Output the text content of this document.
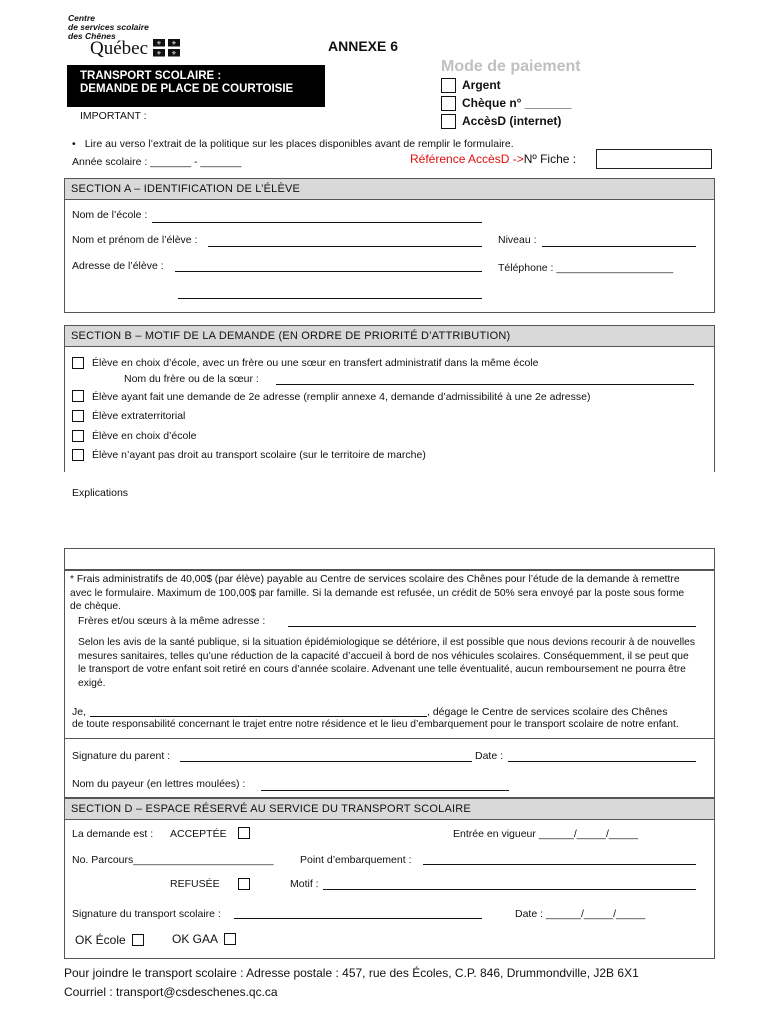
Centre
de services scolaire
des Chênes
Québec ⚜ ⚜
⚜ ⚜	ANNEXE 6
TRANSPORT SCOLAIRE :
DEMANDE DE PLACE DE COURTOISIE
IMPORTANT :
Mode de paiement
Argent
Chèque n° _______
AccèsD (internet)
• Lire au verso l’extrait de la politique sur les places disponibles avant de remplir le formulaire.
Année scolaire : _______ - _______	Référence AccèsD ->Nº Fiche :
SECTION A – IDENTIFICATION DE L’ÉLÈVE
Nom de l’école :
Nom et prénom de l’élève :	Niveau :
Adresse de l’élève :	Téléphone : ____________________
SECTION B – MOTIF DE LA DEMANDE (EN ORDRE DE PRIORITÉ D’ATTRIBUTION)
Élève en choix d’école, avec un frère ou une sœur en transfert administratif dans la même école
Nom du frère ou de la sœur :
Élève ayant fait une demande de 2e adresse (remplir annexe 4, demande d’admissibilité à une 2e adresse)
Élève extraterritorial
Élève en choix d’école
Élève n’ayant pas droit au transport scolaire (sur le territoire de marche)
Explications
* Frais administratifs de 40,00$ (par élève) payable au Centre de services scolaire des Chênes pour l’étude de la demande à remettre avec le formulaire. Maximum de 100,00$ par famille. Si la demande est refusée, un crédit de 50% sera envoyé par la poste sous forme de chèque.
Frères et/ou sœurs à la même adresse :
Selon les avis de la santé publique, si la situation épidémiologique se détériore, il est possible que nous devions recourir à de nouvelles mesures sanitaires, telles qu’une réduction de la capacité d’accueil à bord de nos véhicules scolaires. Conséquemment, il se peut que le transport de votre enfant soit retiré en cours d’année scolaire. Advenant une telle éventualité, aucun remboursement ne pourra être exigé.
Je,	, dégage le Centre de services scolaire des Chênes
de toute responsabilité concernant le trajet entre notre résidence et le lieu d’embarquement pour le transport scolaire de notre enfant.
Signature du parent :	Date :
Nom du payeur (en lettres moulées) :
SECTION D – ESPACE RÉSERVÉ AU SERVICE DU TRANSPORT SCOLAIRE
La demande est : ACCEPTÉE	Entrée en vigueur ______/_____/_____
No. Parcours________________________	Point d’embarquement :
REFUSÉE	Motif :
Signature du transport scolaire :	Date : ______/_____/_____
OK École	OK GAA
Pour joindre le transport scolaire : Adresse postale : 457, rue des Écoles, C.P. 846, Drummondville, J2B 6X1
Courriel : transport@csdeschenes.qc.ca
